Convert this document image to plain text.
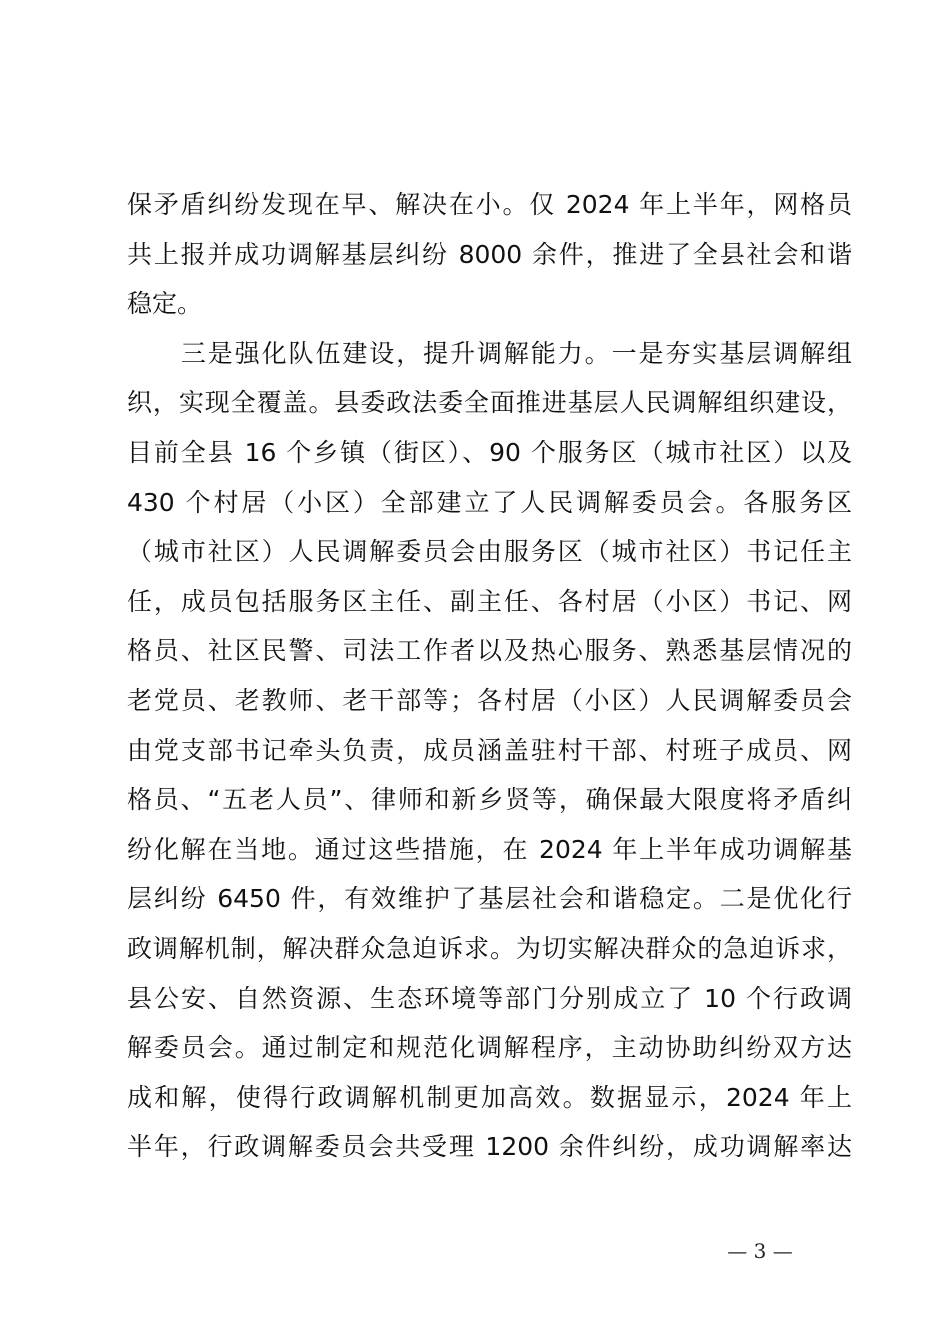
保矛盾纠纷发现在早、解决在小。仅 2024 年上半年，网格员
共上报并成功调解基层纠纷 8000 余件，推进了全县社会和谐
稳定。
　　三是强化队伍建设，提升调解能力。一是夯实基层调解组
织，实现全覆盖。县委政法委全面推进基层人民调解组织建设，
目前全县 16 个乡镇（街区）、90 个服务区（城市社区）以及
430 个村居（小区）全部建立了人民调解委员会。各服务区
（城市社区）人民调解委员会由服务区（城市社区）书记任主
任，成员包括服务区主任、副主任、各村居（小区）书记、网
格员、社区民警、司法工作者以及热心服务、熟悉基层情况的
老党员、老教师、老干部等；各村居（小区）人民调解委员会
由党支部书记牵头负责，成员涵盖驻村干部、村班子成员、网
格员、“五老人员”、律师和新乡贤等，确保最大限度将矛盾纠
纷化解在当地。通过这些措施，在 2024 年上半年成功调解基
层纠纷 6450 件，有效维护了基层社会和谐稳定。二是优化行
政调解机制，解决群众急迫诉求。为切实解决群众的急迫诉求，
县公安、自然资源、生态环境等部门分别成立了 10 个行政调
解委员会。通过制定和规范化调解程序，主动协助纠纷双方达
成和解，使得行政调解机制更加高效。数据显示，2024 年上
半年，行政调解委员会共受理 1200 余件纠纷，成功调解率达
— 3 —
